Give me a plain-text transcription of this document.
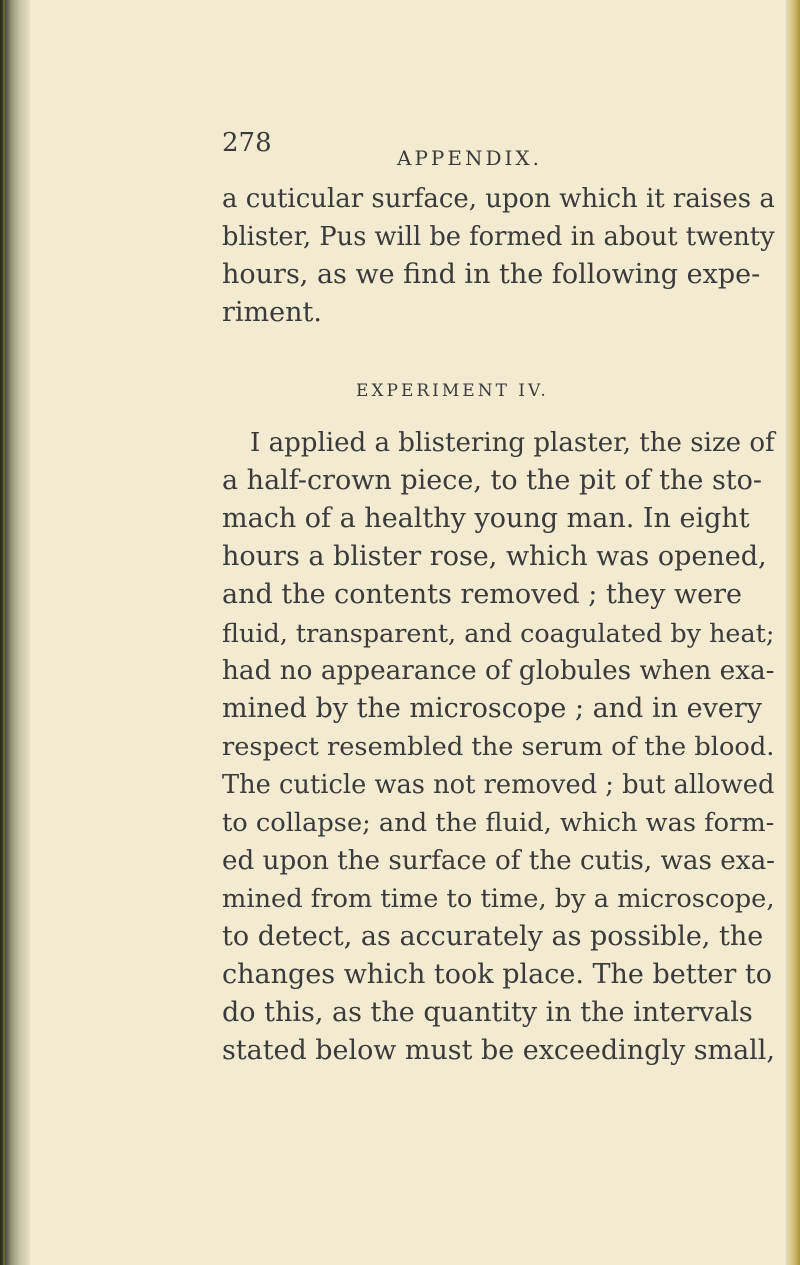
278	APPENDIX.
a cuticular surface, upon which it raises a
blister, Pus will be formed in about twenty
hours, as we find in the following expe-
riment.
EXPERIMENT IV.
I applied a blistering plaster, the size of
a half-crown piece, to the pit of the sto-
mach of a healthy young man. In eight
hours a blister rose, which was opened,
and the contents removed ; they were
fluid, transparent, and coagulated by heat;
had no appearance of globules when exa-
mined by the microscope ; and in every
respect resembled the serum of the blood.
The cuticle was not removed ; but allowed
to collapse; and the fluid, which was form-
ed upon the surface of the cutis, was exa-
mined from time to time, by a microscope,
to detect, as accurately as possible, the
changes which took place. The better to
do this, as the quantity in the intervals
stated below must be exceedingly small,
